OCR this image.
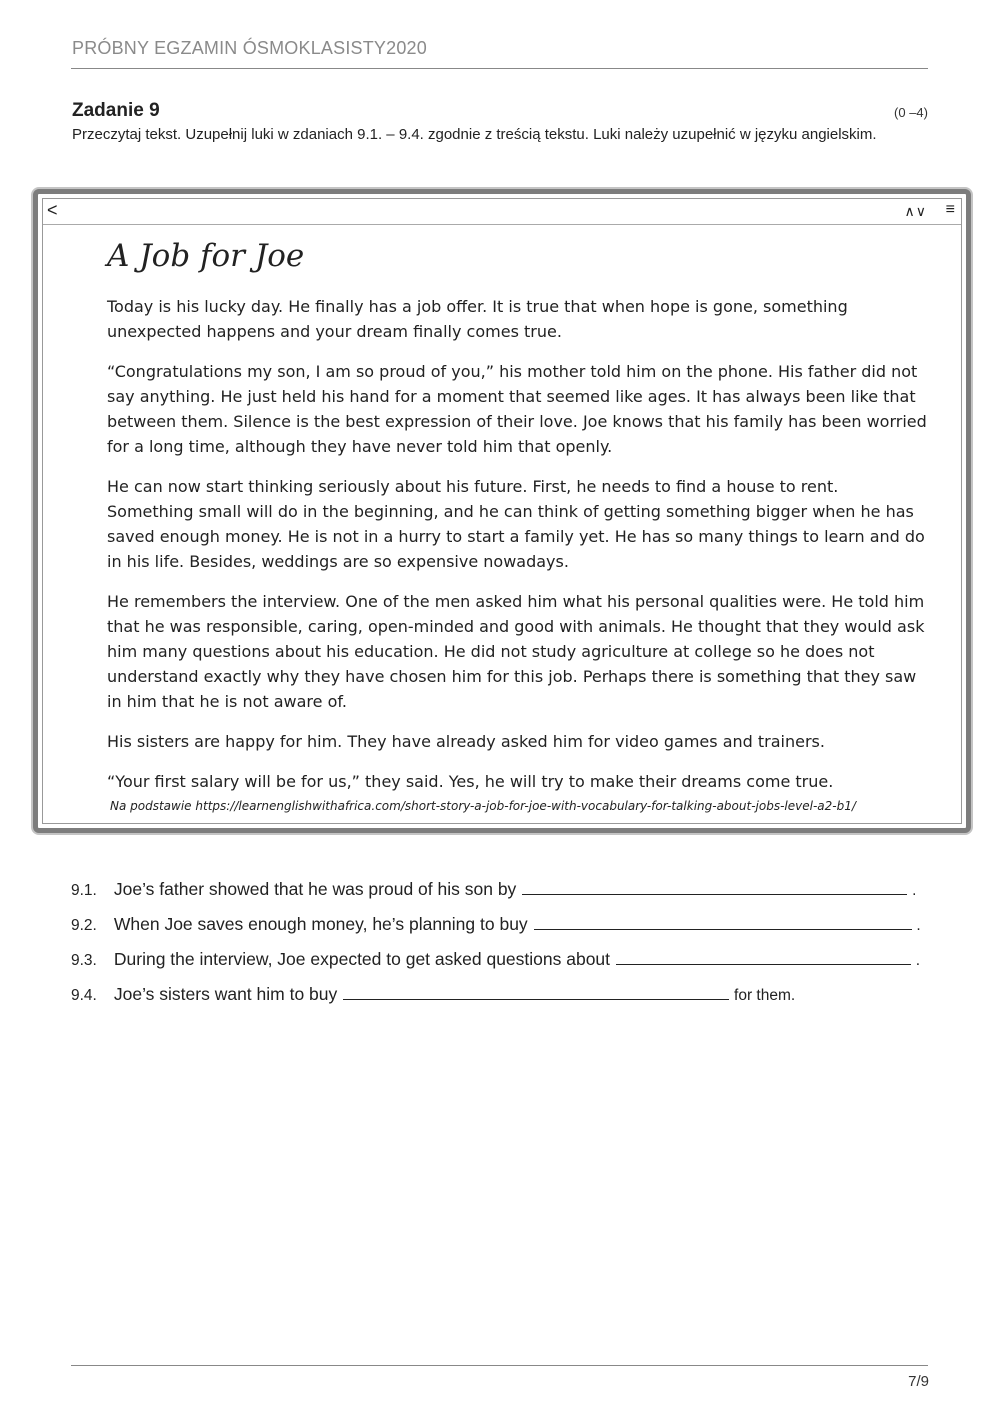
PRÓBNY EGZAMIN ÓSMOKLASISTY2020
Zadanie 9	(0 –4)
Przeczytaj tekst. Uzupełnij luki w zdaniach 9.1. – 9.4. zgodnie z treścią tekstu. Luki należy uzupełnić w języku angielskim.
<	∧∨ ≡
A Job for Joe

Today is his lucky day. He finally has a job offer. It is true that when hope is gone, something unexpected happens and your dream finally comes true.

“Congratulations my son, I am so proud of you,” his mother told him on the phone. His father did not say anything. He just held his hand for a moment that seemed like ages. It has always been like that between them. Silence is the best expression of their love. Joe knows that his family has been worried for a long time, although they have never told him that openly.

He can now start thinking seriously about his future. First, he needs to find a house to rent. Something small will do in the beginning, and he can think of getting something bigger when he has saved enough money. He is not in a hurry to start a family yet. He has so many things to learn and do in his life. Besides, weddings are so expensive nowadays.

He remembers the interview. One of the men asked him what his personal qualities were. He told him that he was responsible, caring, open-minded and good with animals. He thought that they would ask him many questions about his education. He did not study agriculture at college so he does not understand exactly why they have chosen him for this job. Perhaps there is something that they saw in him that he is not aware of.

His sisters are happy for him. They have already asked him for video games and trainers.

“Your first salary will be for us,” they said. Yes, he will try to make their dreams come true.

Na podstawie https://learnenglishwithafrica.com/short-story-a-job-for-joe-with-vocabulary-for-talking-about-jobs-level-a2-b1/
9.1. Joe’s father showed that he was proud of his son by	.
9.2. When Joe saves enough money, he’s planning to buy	.
9.3. During the interview, Joe expected to get asked questions about	.
9.4. Joe’s sisters want him to buy	for them.
7/9
